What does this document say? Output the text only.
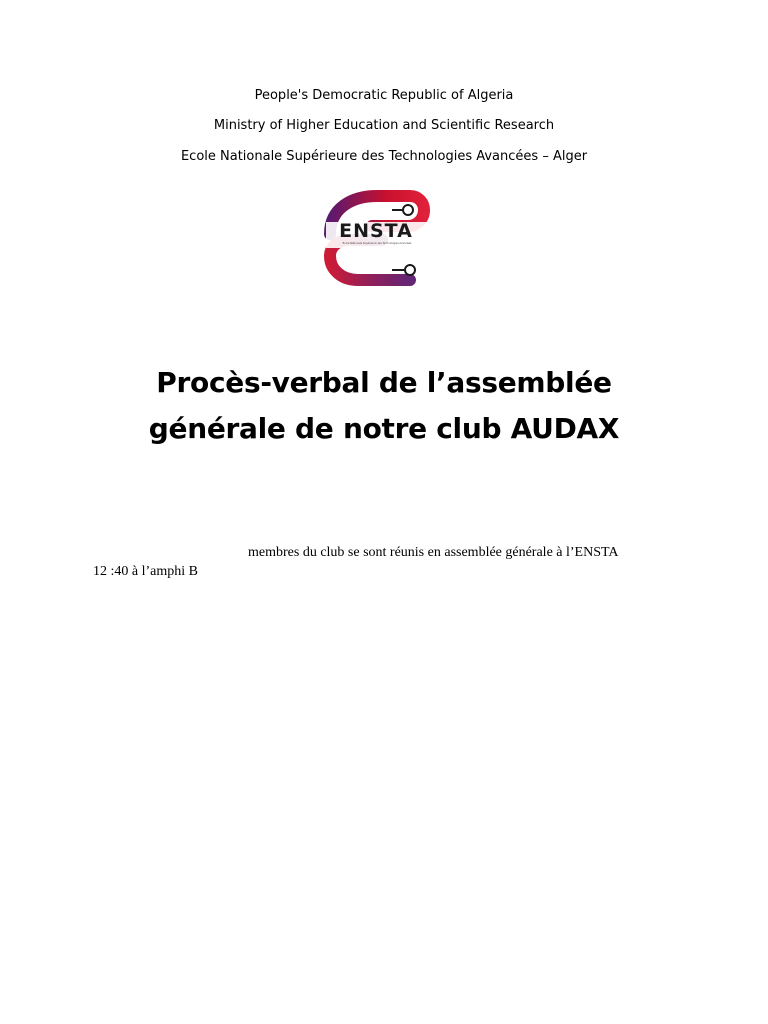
People's Democratic Republic of Algeria
Ministry of Higher Education and Scientific Research
Ecole Nationale Supérieure des Technologies Avancées – Alger
ENSTA
Ecole Nationale Supérieure des Technologies Avancées
Procès-verbal de l’assemblée
générale de notre club AUDAX
membres du club se sont réunis en assemblée générale à l’ENSTA
12 :40 à l’amphi B
